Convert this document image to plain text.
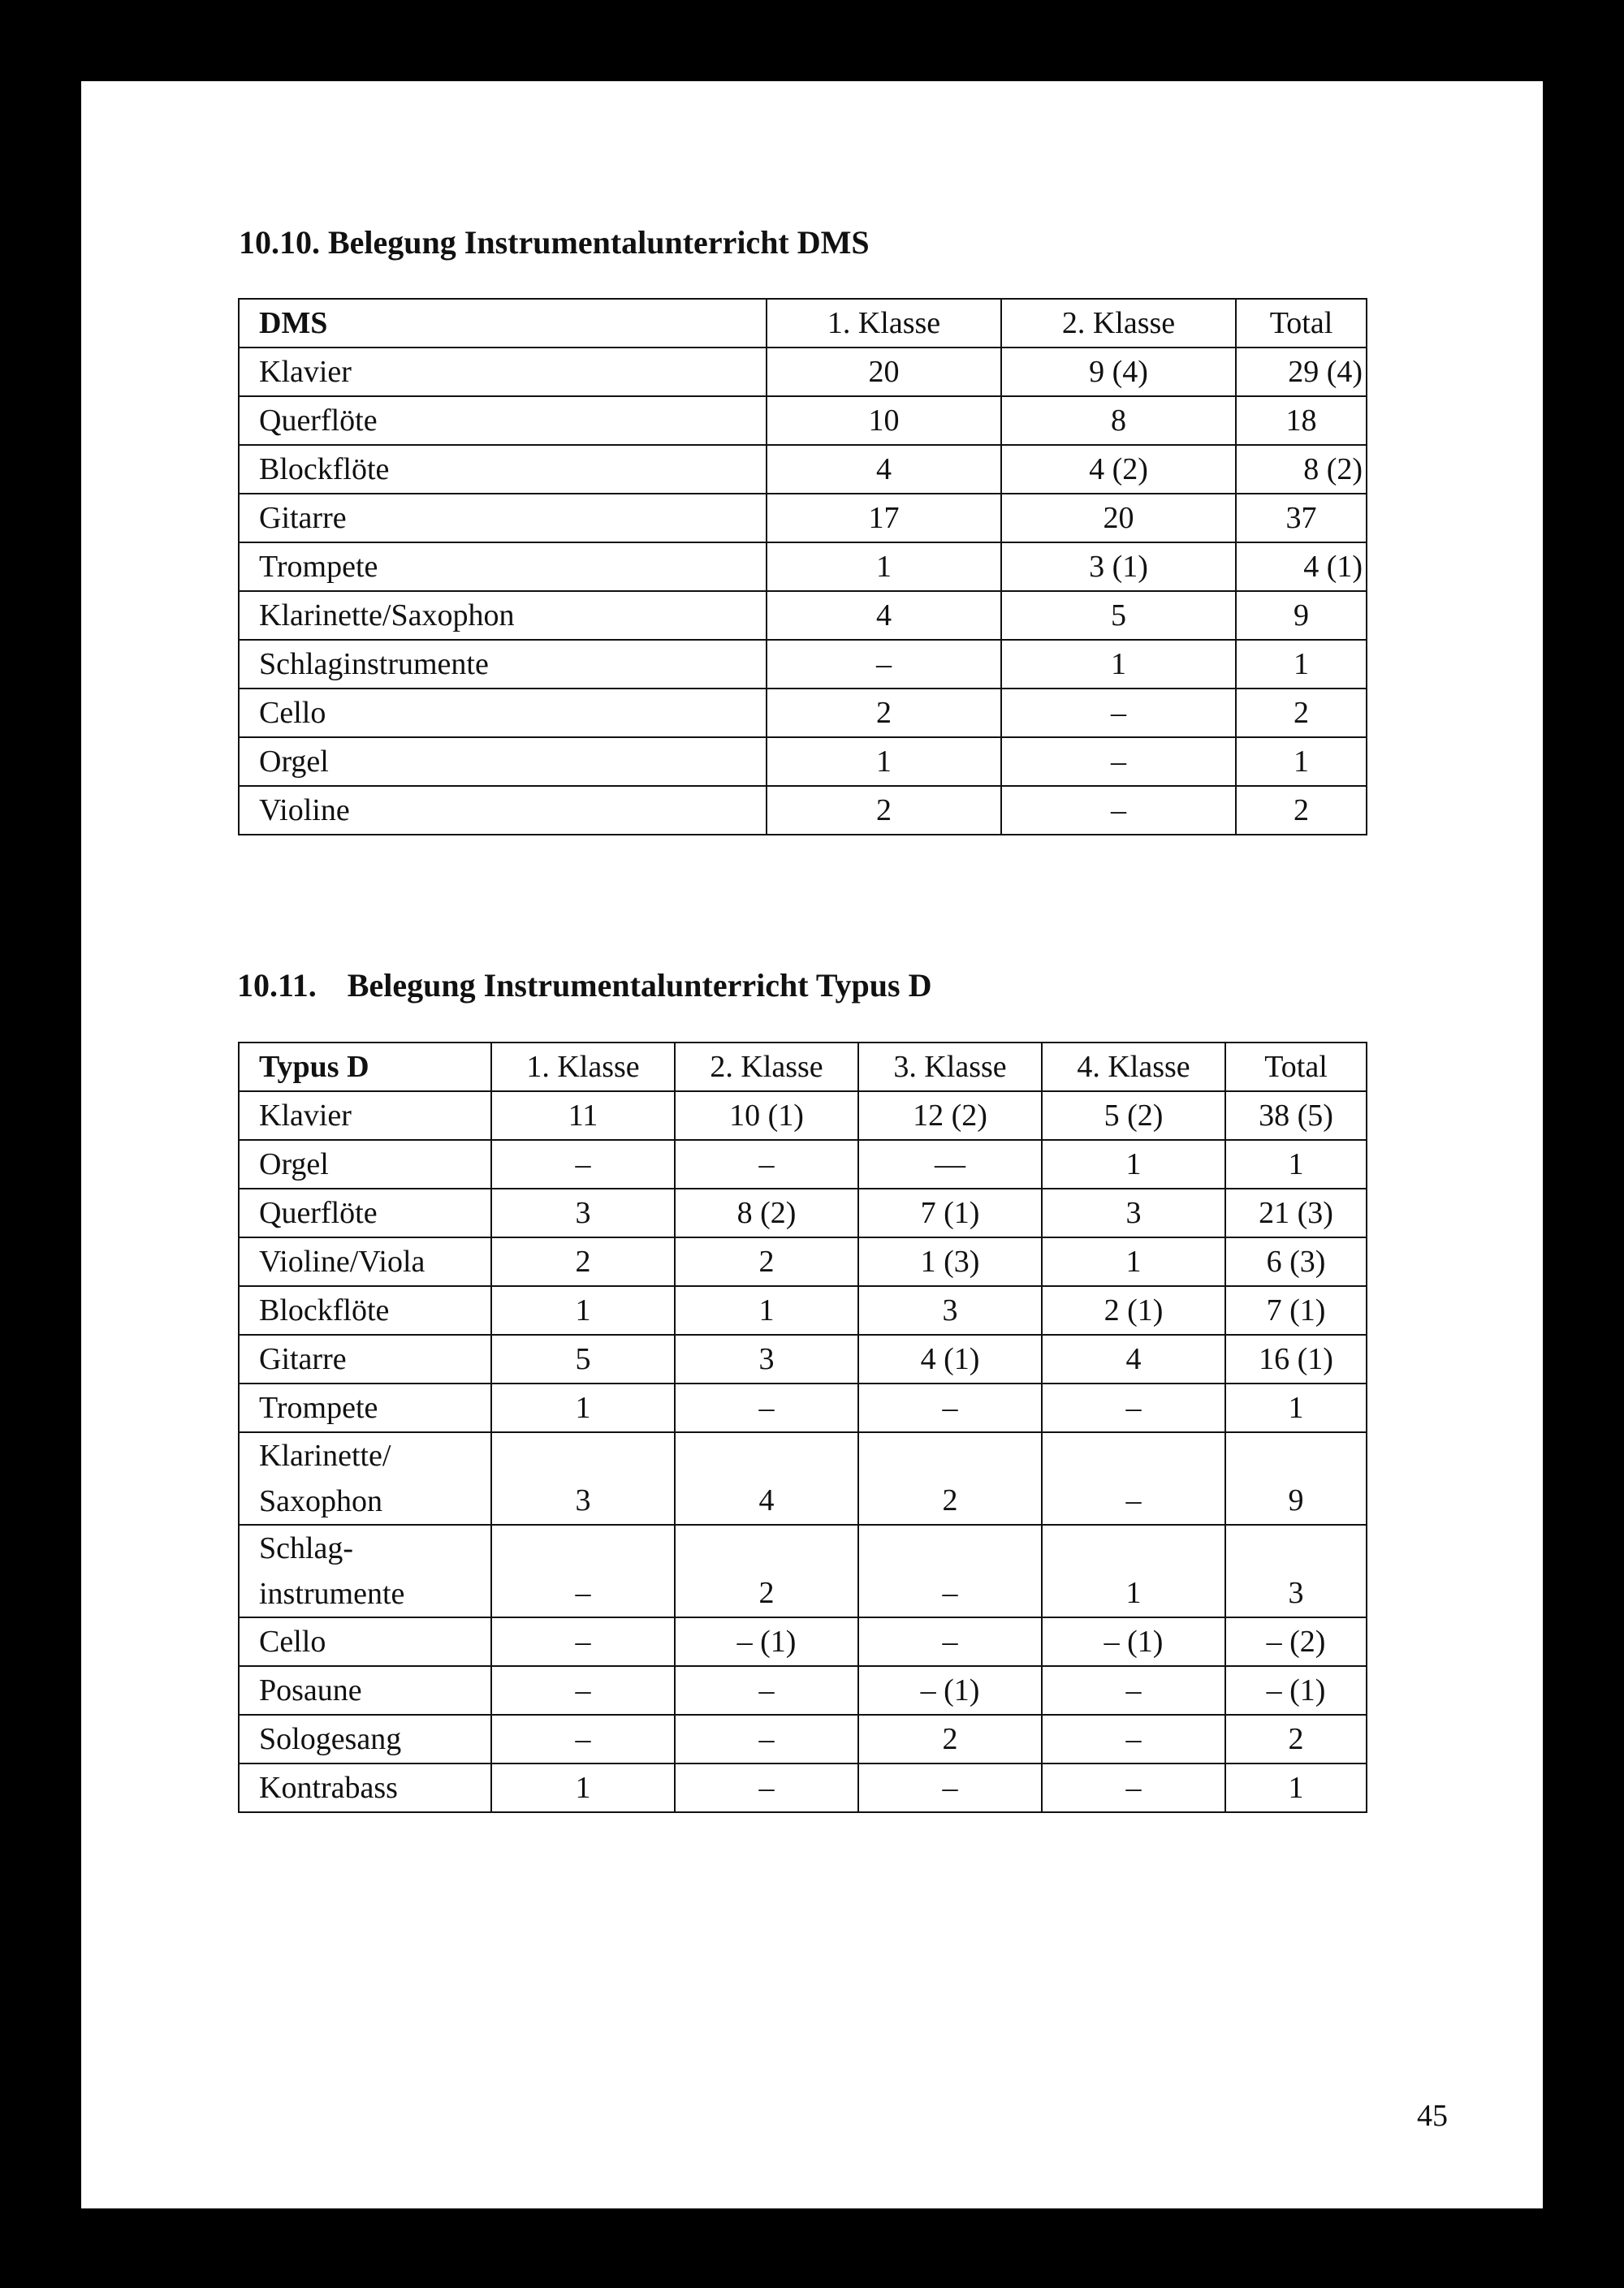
10.10. Belegung Instrumentalunterricht DMS
DMS	1. Klasse	2. Klasse	Total
Klavier	20	9 (4)	29 (4)
Querflöte	10	8	18
Blockflöte	4	4 (2)	8 (2)
Gitarre	17	20	37
Trompete	1	3 (1)	4 (1)
Klarinette/Saxophon	4	5	9
Schlaginstrumente	–	1	1
Cello	2	–	2
Orgel	1	–	1
Violine	2	–	2
10.11. Belegung Instrumentalunterricht Typus D
Typus D	1. Klasse	2. Klasse	3. Klasse	4. Klasse	Total
Klavier	11	10 (1)	12 (2)	5 (2)	38 (5)
Orgel	–	–	—	1	1
Querflöte	3	8 (2)	7 (1)	3	21 (3)
Violine/Viola	2	2	1 (3)	1	6 (3)
Blockflöte	1	1	3	2 (1)	7 (1)
Gitarre	5	3	4 (1)	4	16 (1)
Trompete	1	–	–	–	1
Klarinette/ Saxophon	3	4	2	–	9
Schlag- instrumente	–	2	–	1	3
Cello	–	– (1)	–	– (1)	– (2)
Posaune	–	–	– (1)	–	– (1)
Sologesang	–	–	2	–	2
Kontrabass	1	–	–	–	1

45
